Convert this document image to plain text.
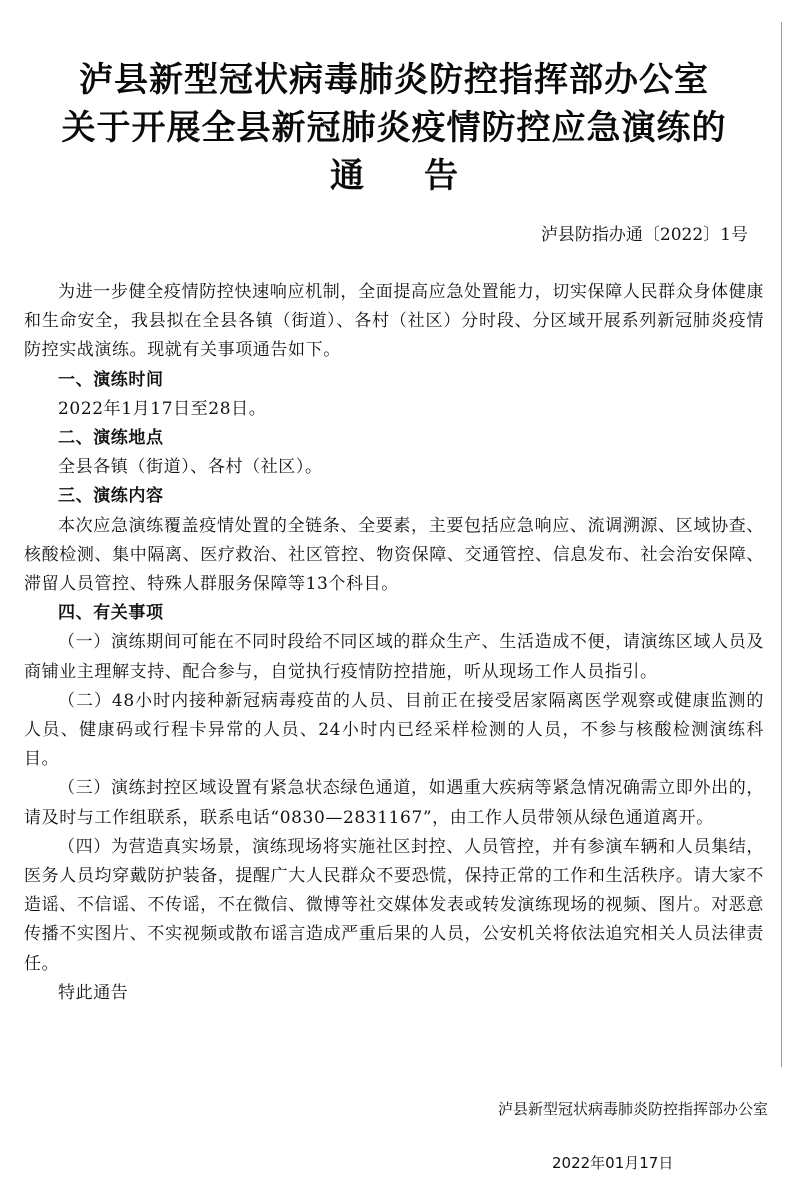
泸县新型冠状病毒肺炎防控指挥部办公室
关于开展全县新冠肺炎疫情防控应急演练的
通告
泸县防指办通〔2022〕1号

为进一步健全疫情防控快速响应机制，全面提高应急处置能力，切实保障人民群众身体健康和生命安全，我县拟在全县各镇（街道）、各村（社区）分时段、分区域开展系列新冠肺炎疫情防控实战演练。现就有关事项通告如下。

一、演练时间

2022年1月17日至28日。

二、演练地点

全县各镇（街道）、各村（社区）。

三、演练内容

本次应急演练覆盖疫情处置的全链条、全要素，主要包括应急响应、流调溯源、区域协查、核酸检测、集中隔离、医疗救治、社区管控、物资保障、交通管控、信息发布、社会治安保障、滞留人员管控、特殊人群服务保障等13个科目。

四、有关事项

（一）演练期间可能在不同时段给不同区域的群众生产、生活造成不便，请演练区域人员及商铺业主理解支持、配合参与，自觉执行疫情防控措施，听从现场工作人员指引。

（二）48小时内接种新冠病毒疫苗的人员、目前正在接受居家隔离医学观察或健康监测的人员、健康码或行程卡异常的人员、24小时内已经采样检测的人员，不参与核酸检测演练科目。

（三）演练封控区域设置有紧急状态绿色通道，如遇重大疾病等紧急情况确需立即外出的，请及时与工作组联系，联系电话“0830—2831167”，由工作人员带领从绿色通道离开。

（四）为营造真实场景，演练现场将实施社区封控、人员管控，并有参演车辆和人员集结，医务人员均穿戴防护装备，提醒广大人民群众不要恐慌，保持正常的工作和生活秩序。请大家不造谣、不信谣、不传谣，不在微信、微博等社交媒体发表或转发演练现场的视频、图片。对恶意传播不实图片、不实视频或散布谣言造成严重后果的人员，公安机关将依法追究相关人员法律责任。

特此通告

泸县新型冠状病毒肺炎防控指挥部办公室
2022年01月17日
